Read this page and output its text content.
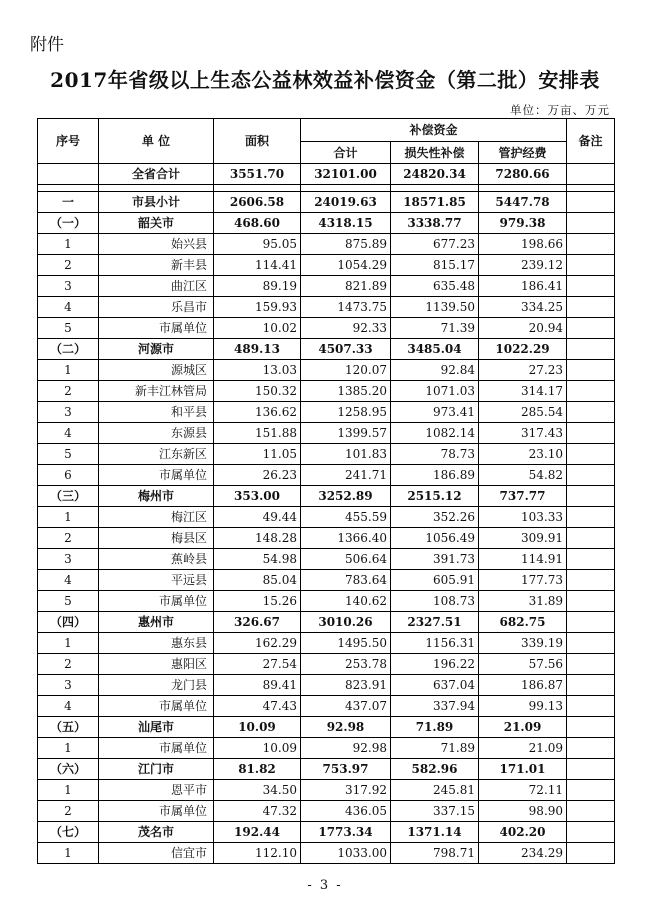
附件
2017年省级以上生态公益林效益补偿资金（第二批）安排表
单位：万亩、万元
序号	单 位	面积	补偿资金			备注
			合计	损失性补偿	管护经费	
	全省合计	3551.70	32101.00	24820.34	7280.66	

一	市县小计	2606.58	24019.63	18571.85	5447.78	
（一）	韶关市	468.60	4318.15	3338.77	979.38	
1	始兴县	95.05	875.89	677.23	198.66	
2	新丰县	114.41	1054.29	815.17	239.12	
3	曲江区	89.19	821.89	635.48	186.41	
4	乐昌市	159.93	1473.75	1139.50	334.25	
5	市属单位	10.02	92.33	71.39	20.94	
（二）	河源市	489.13	4507.33	3485.04	1022.29	
1	源城区	13.03	120.07	92.84	27.23	
2	新丰江林管局	150.32	1385.20	1071.03	314.17	
3	和平县	136.62	1258.95	973.41	285.54	
4	东源县	151.88	1399.57	1082.14	317.43	
5	江东新区	11.05	101.83	78.73	23.10	
6	市属单位	26.23	241.71	186.89	54.82	
（三）	梅州市	353.00	3252.89	2515.12	737.77	
1	梅江区	49.44	455.59	352.26	103.33	
2	梅县区	148.28	1366.40	1056.49	309.91	
3	蕉岭县	54.98	506.64	391.73	114.91	
4	平远县	85.04	783.64	605.91	177.73	
5	市属单位	15.26	140.62	108.73	31.89	
（四）	惠州市	326.67	3010.26	2327.51	682.75	
1	惠东县	162.29	1495.50	1156.31	339.19	
2	惠阳区	27.54	253.78	196.22	57.56	
3	龙门县	89.41	823.91	637.04	186.87	
4	市属单位	47.43	437.07	337.94	99.13	
（五）	汕尾市	10.09	92.98	71.89	21.09	
1	市属单位	10.09	92.98	71.89	21.09	
（六）	江门市	81.82	753.97	582.96	171.01	
1	恩平市	34.50	317.92	245.81	72.11	
2	市属单位	47.32	436.05	337.15	98.90	
（七）	茂名市	192.44	1773.34	1371.14	402.20	
1	信宜市	112.10	1033.00	798.71	234.29	
- 3 -
